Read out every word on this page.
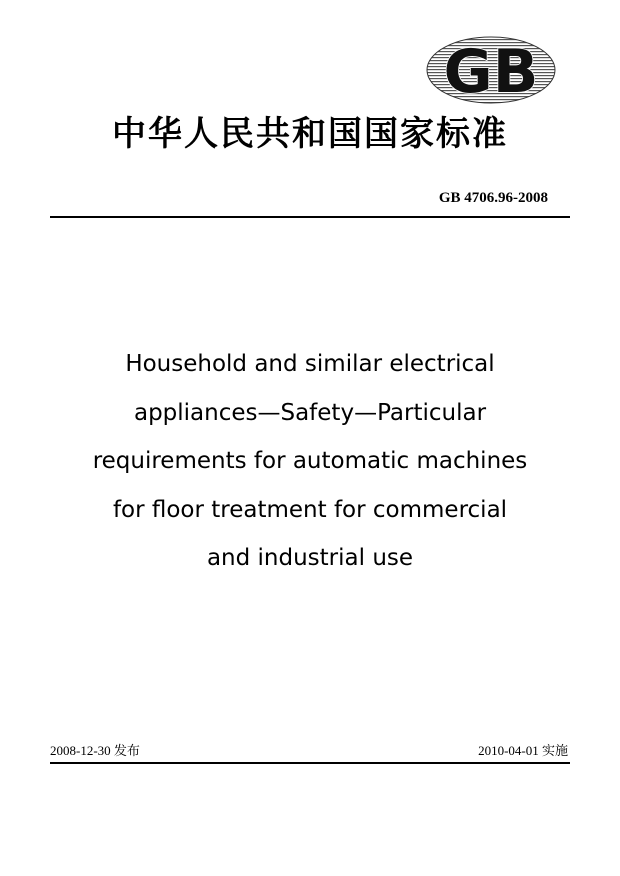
GB
中华人民共和国国家标准
GB 4706.96-2008
Household and similar electrical
appliances—Safety—Particular
requirements for automatic machines
for floor treatment for commercial
and industrial use
2008-12-30 发布	2010-04-01 实施
